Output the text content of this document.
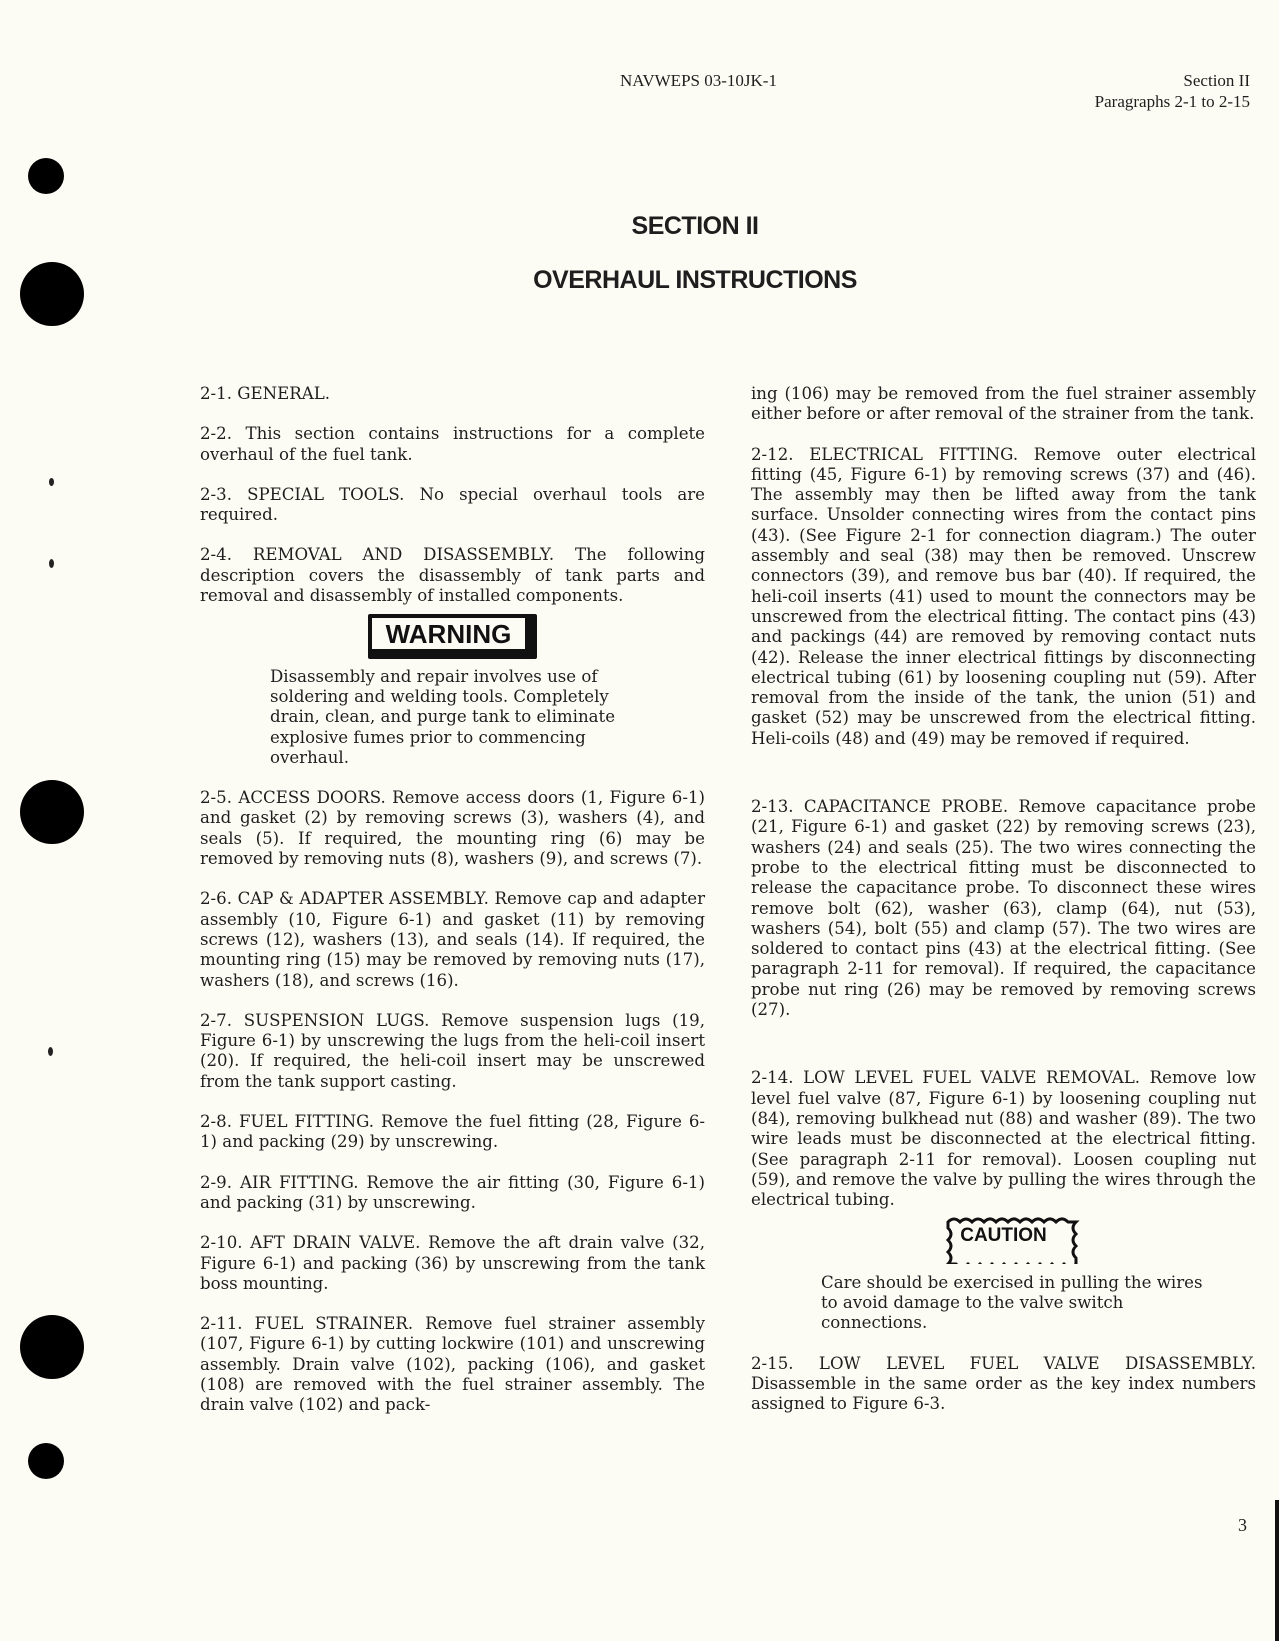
NAVWEPS 03-10JK-1	Section II
Paragraphs 2-1 to 2-15
SECTION II
OVERHAUL INSTRUCTIONS

2-1. GENERAL.

2-2. This section contains instructions for a complete overhaul of the fuel tank.

2-3. SPECIAL TOOLS. No special overhaul tools are required.

2-4. REMOVAL AND DISASSEMBLY. The following description covers the disassembly of tank parts and removal and disassembly of installed components.

WARNING

Disassembly and repair involves use of soldering and welding tools. Completely drain, clean, and purge tank to eliminate explosive fumes prior to commencing overhaul.

2-5. ACCESS DOORS. Remove access doors (1, Figure 6-1) and gasket (2) by removing screws (3), washers (4), and seals (5). If required, the mounting ring (6) may be removed by removing nuts (8), washers (9), and screws (7).

2-6. CAP & ADAPTER ASSEMBLY. Remove cap and adapter assembly (10, Figure 6-1) and gasket (11) by removing screws (12), washers (13), and seals (14). If required, the mounting ring (15) may be removed by removing nuts (17), washers (18), and screws (16).

2-7. SUSPENSION LUGS. Remove suspension lugs (19, Figure 6-1) by unscrewing the lugs from the heli-coil insert (20). If required, the heli-coil insert may be unscrewed from the tank support casting.

2-8. FUEL FITTING. Remove the fuel fitting (28, Figure 6-1) and packing (29) by unscrewing.

2-9. AIR FITTING. Remove the air fitting (30, Figure 6-1) and packing (31) by unscrewing.

2-10. AFT DRAIN VALVE. Remove the aft drain valve (32, Figure 6-1) and packing (36) by unscrewing from the tank boss mounting.

2-11. FUEL STRAINER. Remove fuel strainer assembly (107, Figure 6-1) by cutting lockwire (101) and unscrewing assembly. Drain valve (102), packing (106), and gasket (108) are removed with the fuel strainer assembly. The drain valve (102) and pack-

ing (106) may be removed from the fuel strainer assembly either before or after removal of the strainer from the tank.

2-12. ELECTRICAL FITTING. Remove outer electrical fitting (45, Figure 6-1) by removing screws (37) and (46). The assembly may then be lifted away from the tank surface. Unsolder connecting wires from the contact pins (43). (See Figure 2-1 for connection diagram.) The outer assembly and seal (38) may then be removed. Unscrew connectors (39), and remove bus bar (40). If required, the heli-coil inserts (41) used to mount the connectors may be unscrewed from the electrical fitting. The contact pins (43) and packings (44) are removed by removing contact nuts (42). Release the inner electrical fittings by disconnecting electrical tubing (61) by loosening coupling nut (59). After removal from the inside of the tank, the union (51) and gasket (52) may be unscrewed from the electrical fitting. Heli-coils (48) and (49) may be removed if required.

2-13. CAPACITANCE PROBE. Remove capacitance probe (21, Figure 6-1) and gasket (22) by removing screws (23), washers (24) and seals (25). The two wires connecting the probe to the electrical fitting must be disconnected to release the capacitance probe. To disconnect these wires remove bolt (62), washer (63), clamp (64), nut (53), washers (54), bolt (55) and clamp (57). The two wires are soldered to contact pins (43) at the electrical fitting. (See paragraph 2-11 for removal). If required, the capacitance probe nut ring (26) may be removed by removing screws (27).

2-14. LOW LEVEL FUEL VALVE REMOVAL. Remove low level fuel valve (87, Figure 6-1) by loosening coupling nut (84), removing bulkhead nut (88) and washer (89). The two wire leads must be disconnected at the electrical fitting. (See paragraph 2-11 for removal). Loosen coupling nut (59), and remove the valve by pulling the wires through the electrical tubing.

CAUTION

Care should be exercised in pulling the wires to avoid damage to the valve switch connections.

2-15. LOW LEVEL FUEL VALVE DISASSEMBLY. Disassemble in the same order as the key index numbers assigned to Figure 6-3.

3
